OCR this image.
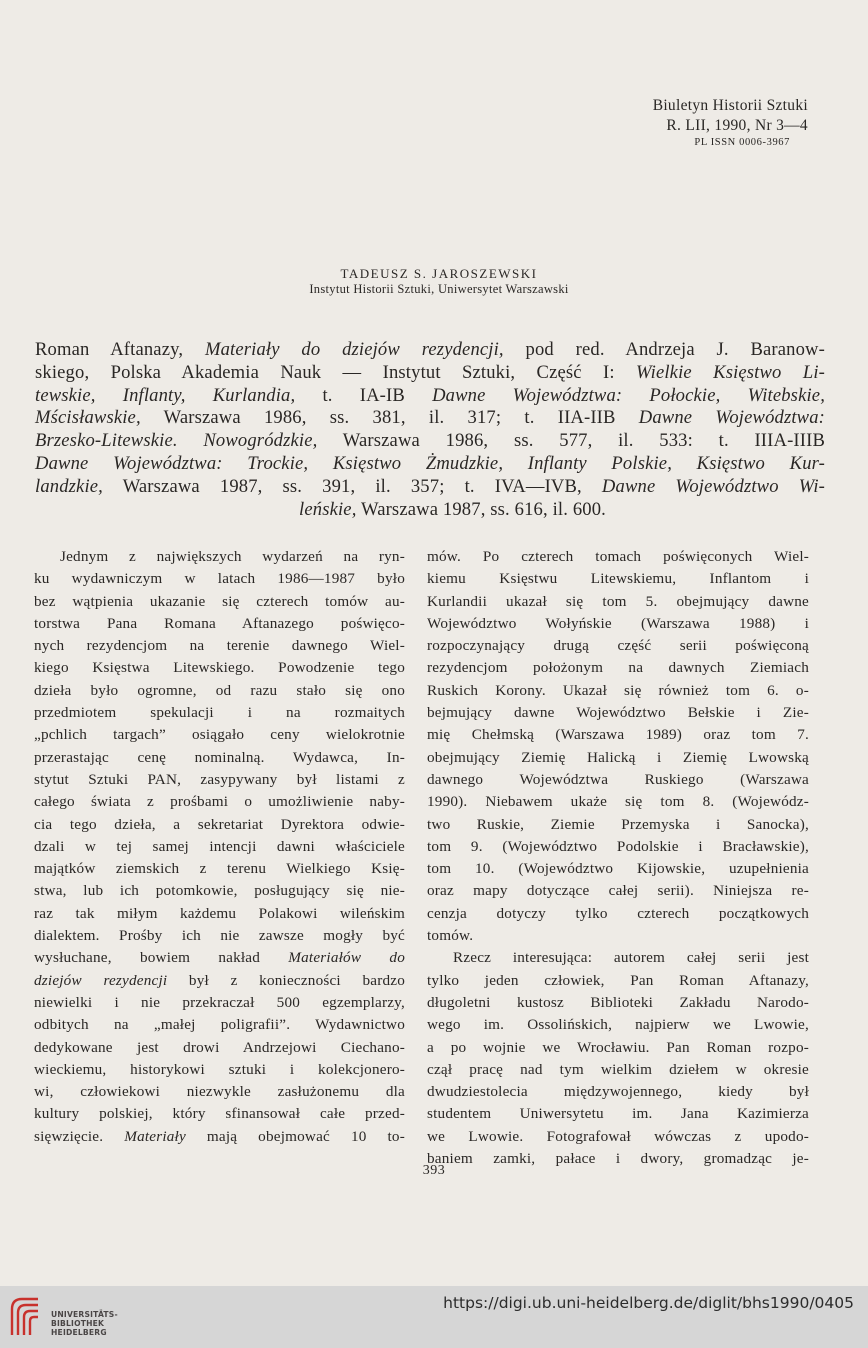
Biuletyn Historii Sztuki
R. LII, 1990, Nr 3—4
PL ISSN 0006-3967
TADEUSZ S. JAROSZEWSKI
Instytut Historii Sztuki, Uniwersytet Warszawski
Roman Aftanazy, Materiały do dziejów rezydencji, pod red. Andrzeja J. Baranow-
skiego, Polska Akademia Nauk — Instytut Sztuki, Część I: Wielkie Księstwo Li-
tewskie, Inflanty, Kurlandia, t. IA-IB Dawne Województwa: Połockie, Witebskie,
Mścisławskie, Warszawa 1986, ss. 381, il. 317; t. IIA-IIB Dawne Województwa:
Brzesko-Litewskie. Nowogródzkie, Warszawa 1986, ss. 577, il. 533: t. IIIA-IIIB
Dawne Województwa: Trockie, Księstwo Żmudzkie, Inflanty Polskie, Księstwo Kur-
landzkie, Warszawa 1987, ss. 391, il. 357; t. IVA—IVB, Dawne Województwo Wi-
leńskie, Warszawa 1987, ss. 616, il. 600.
Jednym z największych wydarzeń na ryn-
ku wydawniczym w latach 1986—1987 było
bez wątpienia ukazanie się czterech tomów au-
torstwa Pana Romana Aftanazego poświęco-
nych rezydencjom na terenie dawnego Wiel-
kiego Księstwa Litewskiego. Powodzenie tego
dzieła było ogromne, od razu stało się ono
przedmiotem spekulacji i na rozmaitych
„pchlich targach” osiągało ceny wielokrotnie
przerastając cenę nominalną. Wydawca, In-
stytut Sztuki PAN, zasypywany był listami z
całego świata z prośbami o umożliwienie naby-
cia tego dzieła, a sekretariat Dyrektora odwie-
dzali w tej samej intencji dawni właściciele
majątków ziemskich z terenu Wielkiego Księ-
stwa, lub ich potomkowie, posługujący się nie-
raz tak miłym każdemu Polakowi wileńskim
dialektem. Prośby ich nie zawsze mogły być
wysłuchane, bowiem nakład Materiałów do
dziejów rezydencji był z konieczności bardzo
niewielki i nie przekraczał 500 egzemplarzy,
odbitych na „małej poligrafii”. Wydawnictwo
dedykowane jest drowi Andrzejowi Ciechano-
wieckiemu, historykowi sztuki i kolekcjonero-
wi, człowiekowi niezwykle zasłużonemu dla
kultury polskiej, który sfinansował całe przed-
sięwzięcie. Materiały mają obejmować 10 to-
mów. Po czterech tomach poświęconych Wiel-
kiemu Księstwu Litewskiemu, Inflantom i
Kurlandii ukazał się tom 5. obejmujący dawne
Województwo Wołyńskie (Warszawa 1988) i
rozpoczynający drugą część serii poświęconą
rezydencjom położonym na dawnych Ziemiach
Ruskich Korony. Ukazał się również tom 6. o-
bejmujący dawne Województwo Bełskie i Zie-
mię Chełmską (Warszawa 1989) oraz tom 7.
obejmujący Ziemię Halicką i Ziemię Lwowską
dawnego Województwa Ruskiego (Warszawa
1990). Niebawem ukaże się tom 8. (Wojewódz-
two Ruskie, Ziemie Przemyska i Sanocka),
tom 9. (Województwo Podolskie i Bracławskie),
tom 10. (Województwo Kijowskie, uzupełnienia
oraz mapy dotyczące całej serii). Niniejsza re-
cenzja dotyczy tylko czterech początkowych
tomów.
Rzecz interesująca: autorem całej serii jest
tylko jeden człowiek, Pan Roman Aftanazy,
długoletni kustosz Biblioteki Zakładu Narodo-
wego im. Ossolińskich, najpierw we Lwowie,
a po wojnie we Wrocławiu. Pan Roman rozpo-
czął pracę nad tym wielkim dziełem w okresie
dwudziestolecia międzywojennego, kiedy był
studentem Uniwersytetu im. Jana Kazimierza
we Lwowie. Fotografował wówczas z upodo-
baniem zamki, pałace i dwory, gromadząc je-
393
UNIVERSITÄTS-
BIBLIOTHEK
HEIDELBERG
https://digi.ub.uni-heidelberg.de/diglit/bhs1990/0405
